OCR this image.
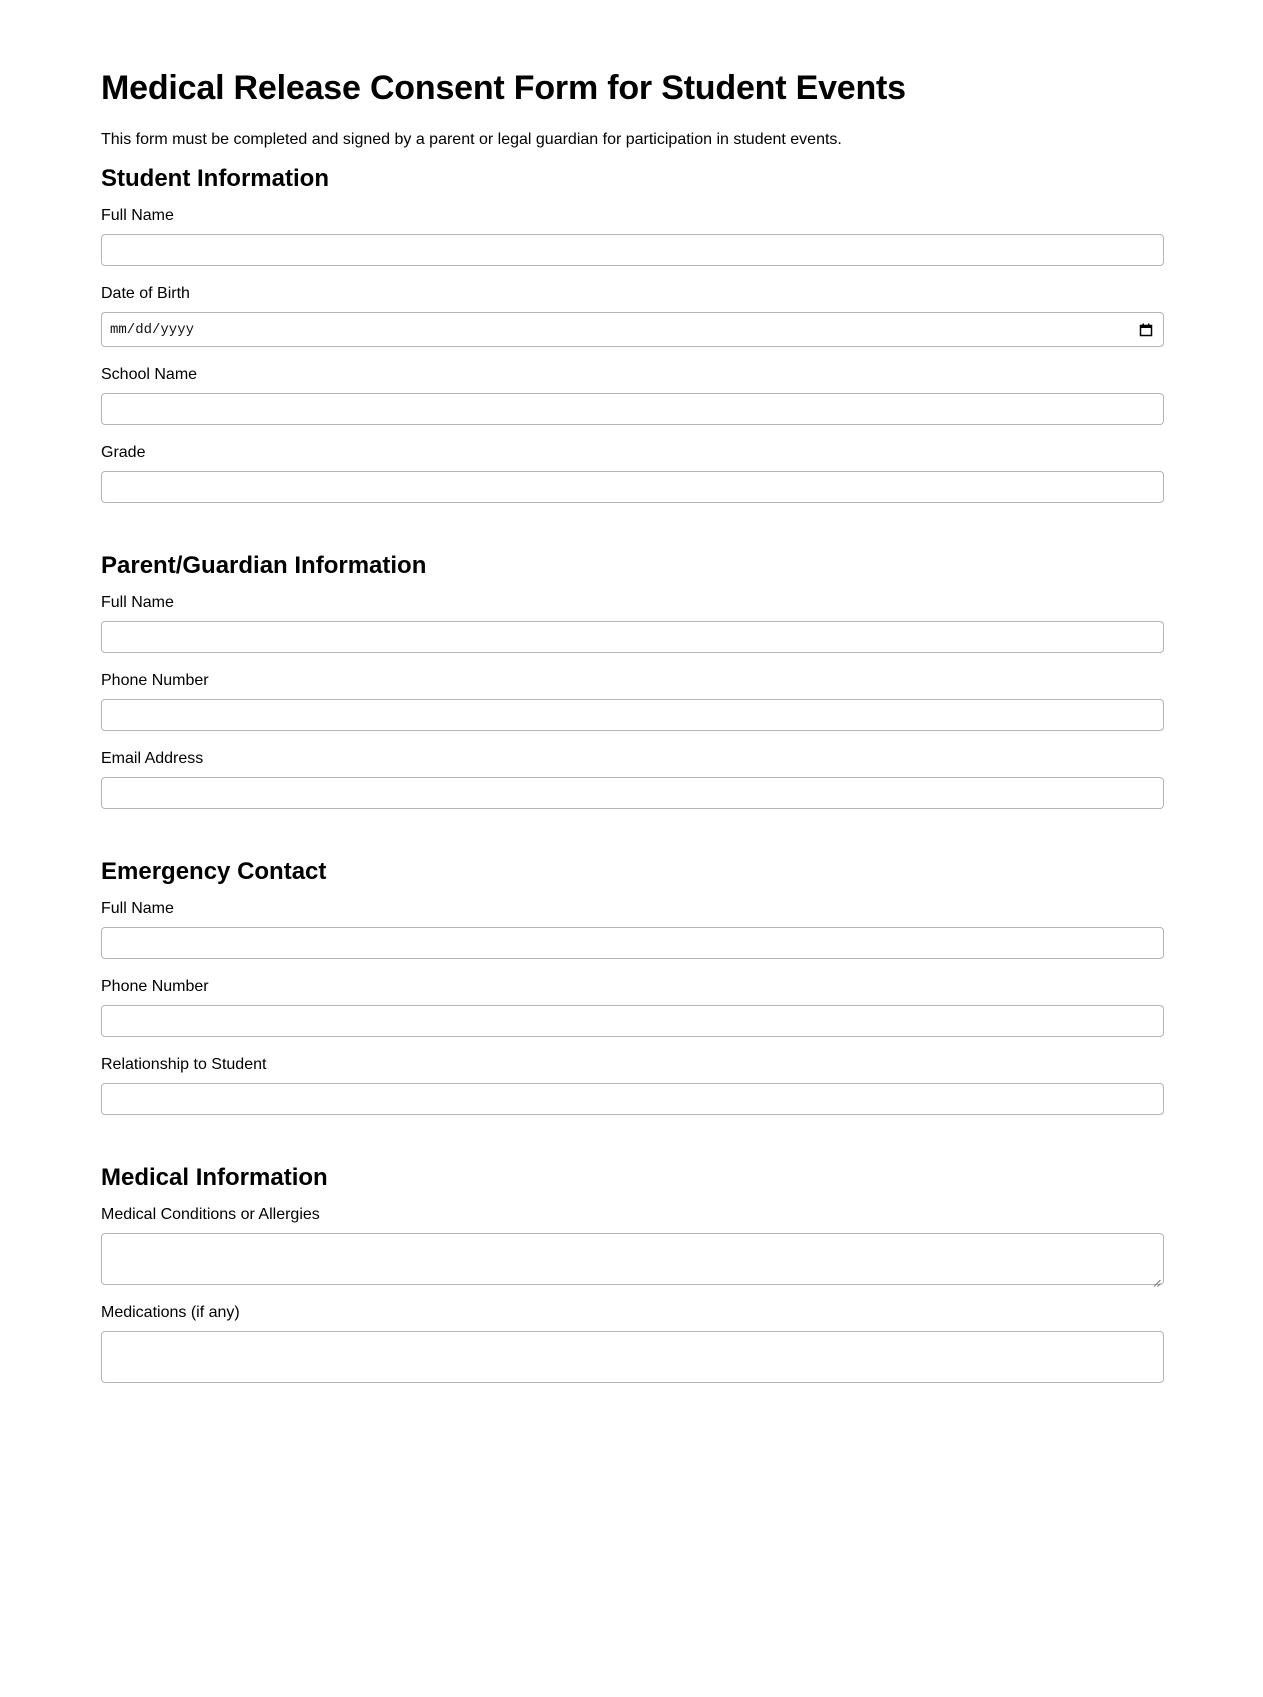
Medical Release Consent Form for Student Events

This form must be completed and signed by a parent or legal guardian for participation in student events.

Student Information
Full Name
Date of Birth
mm/dd/yyyy
School Name
Grade
Parent/Guardian Information
Full Name
Phone Number
Email Address
Emergency Contact
Full Name
Phone Number
Relationship to Student
Medical Information
Medical Conditions or Allergies
Medications (if any)
